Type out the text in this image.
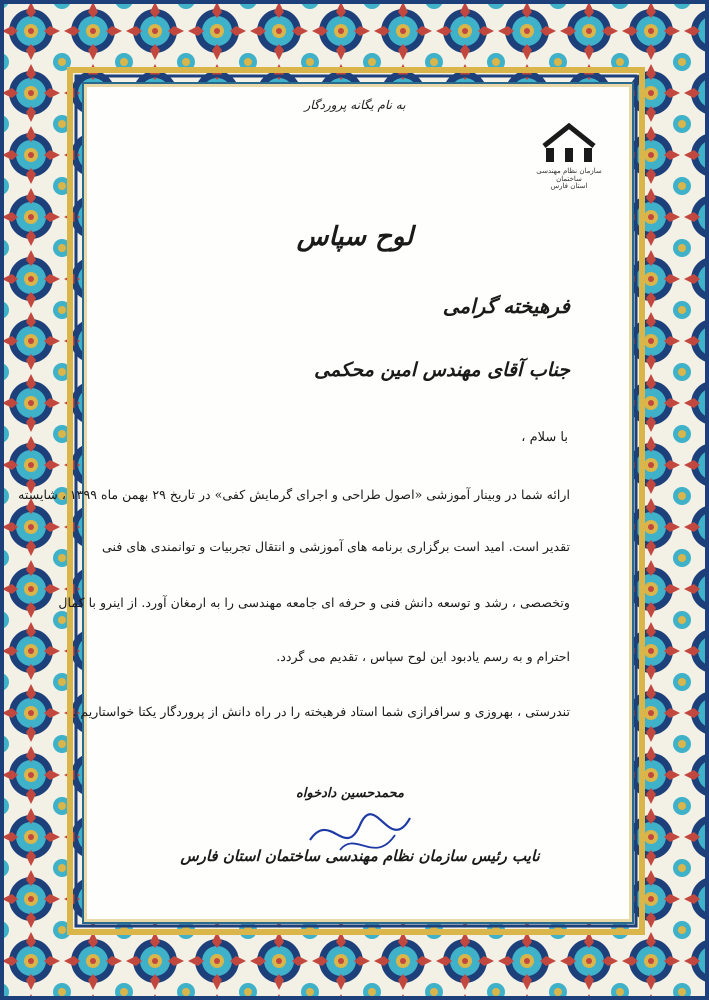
به نام یگانه پروردگار
سازمان نظام مهندسی ساختمان
استان فارس
لوح سپاس
فرهیخته گرامی
جناب آقای مهندس امین محکمی
با سلام ،
ارائه شما در وبینار آموزشی «اصول طراحی و اجرای گرمایش کفی» در تاریخ ۲۹ بهمن ماه ۱۳۹۹ ، شایسته
تقدیر است. امید است برگزاری برنامه های آموزشی و انتقال تجربیات و توانمندی های فنی
وتخصصی ، رشد و توسعه دانش فنی و حرفه ای جامعه مهندسی را به ارمغان آورد. از اینرو با کمال
احترام و به رسم یادبود این لوح سپاس ، تقدیم می گردد.
تندرستی ، بهروزی و سرافرازی شما استاد فرهیخته را در راه دانش از پروردگار یکتا خواستاریم .
محمدحسین دادخواه
نایب رئیس سازمان نظام مهندسی ساختمان استان فارس
